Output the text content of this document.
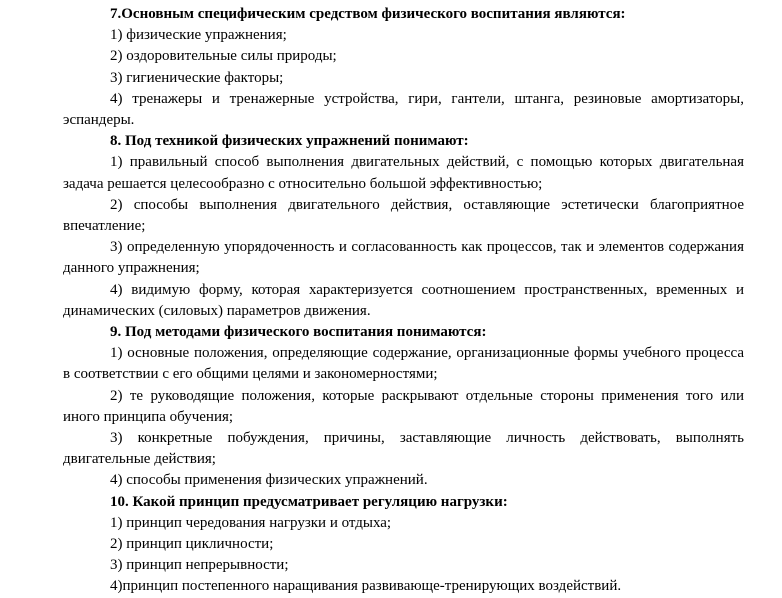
7.Основным специфическим средством физического воспитания являются:

1) физические упражнения;

2) оздоровительные силы природы;

3) гигиенические факторы;

4) тренажеры и тренажерные устройства, гири, гантели, штанга, резиновые амортизаторы, эспандеры.

8. Под техникой физических упражнений понимают:

1) правильный способ выполнения двигательных действий, с помощью которых двигательная задача решается целесообразно с относительно большой эффективностью;

2) способы выполнения двигательного действия, оставляющие эстетически благоприятное впечатление;

3) определенную упорядоченность и согласованность как процессов, так и элементов содержания данного упражнения;

4) видимую форму, которая характеризуется соотношением пространственных, временных и динамических (силовых) параметров движения.

9. Под методами физического воспитания понимаются:

1) основные положения, определяющие содержание, организационные формы учебного процесса в соответствии с его общими целями и закономерностями;

2) те руководящие положения, которые раскрывают отдельные стороны применения того или иного принципа обучения;

3) конкретные побуждения, причины, заставляющие личность действовать, выполнять двигательные действия;

4) способы применения физических упражнений.

10. Какой принцип предусматривает регуляцию нагрузки:

1) принцип чередования нагрузки и отдыха;

2) принцип цикличности;

3) принцип непрерывности;

4)принцип постепенного наращивания развивающе-тренирующих воздействий.
